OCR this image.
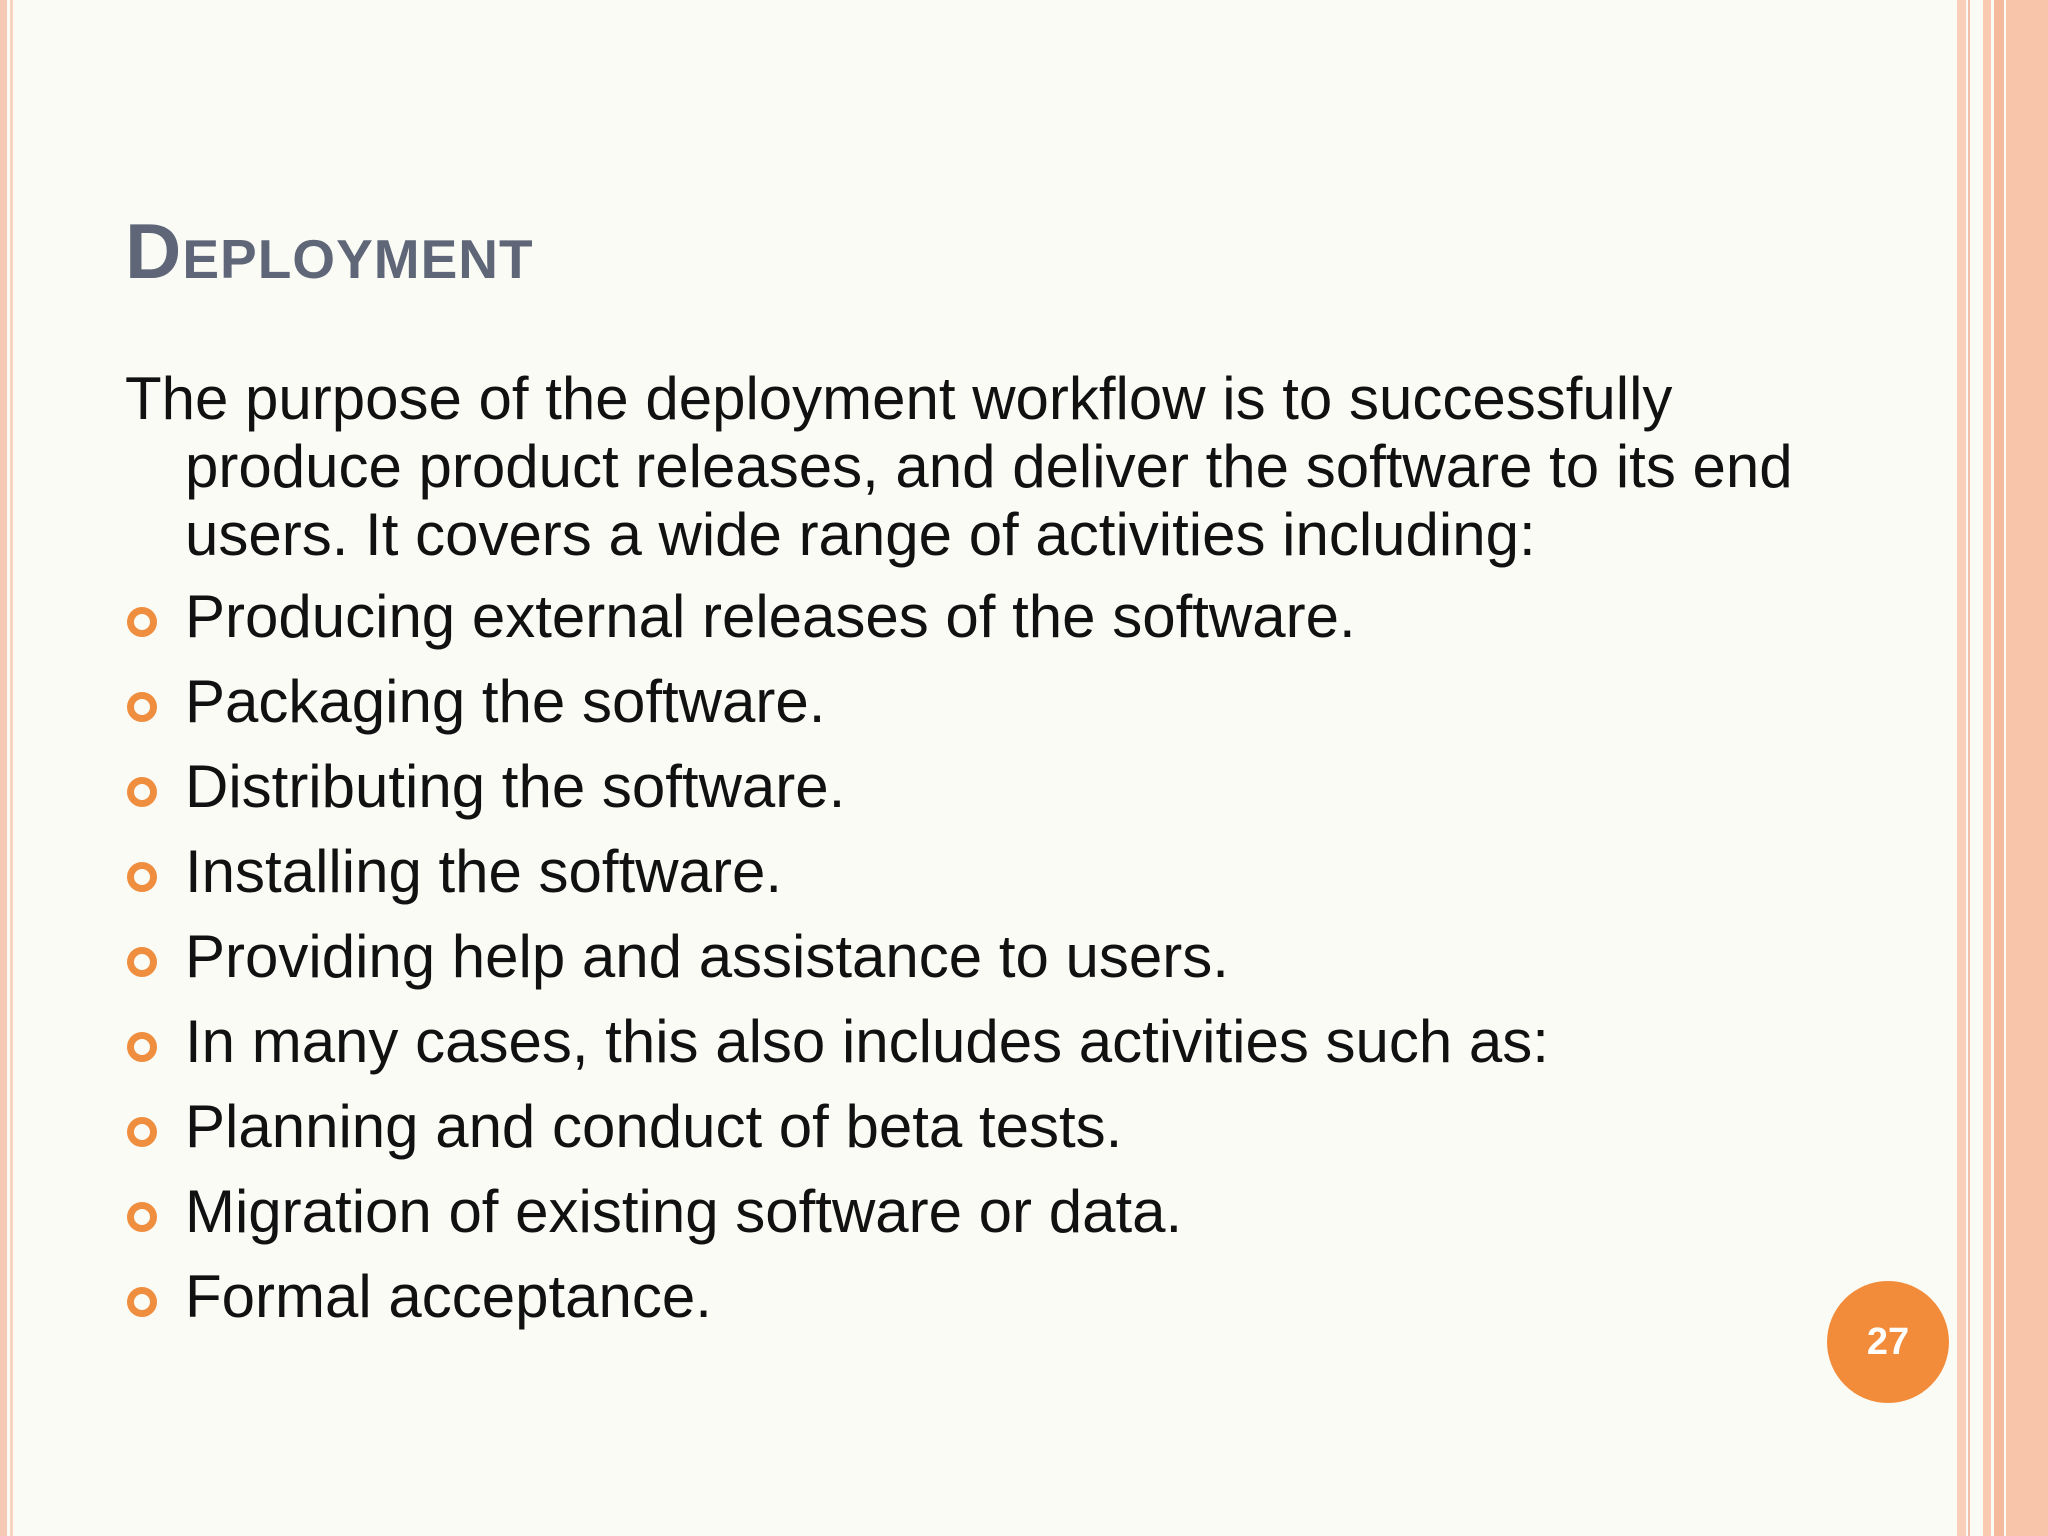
Deployment

The purpose of the deployment workflow is to successfully produce product releases, and deliver the software to its end users. It covers a wide range of activities including:

Producing external releases of the software.
Packaging the software.
Distributing the software.
Installing the software.
Providing help and assistance to users.
In many cases, this also includes activities such as:
Planning and conduct of beta tests.
Migration of existing software or data.
Formal acceptance.
27
